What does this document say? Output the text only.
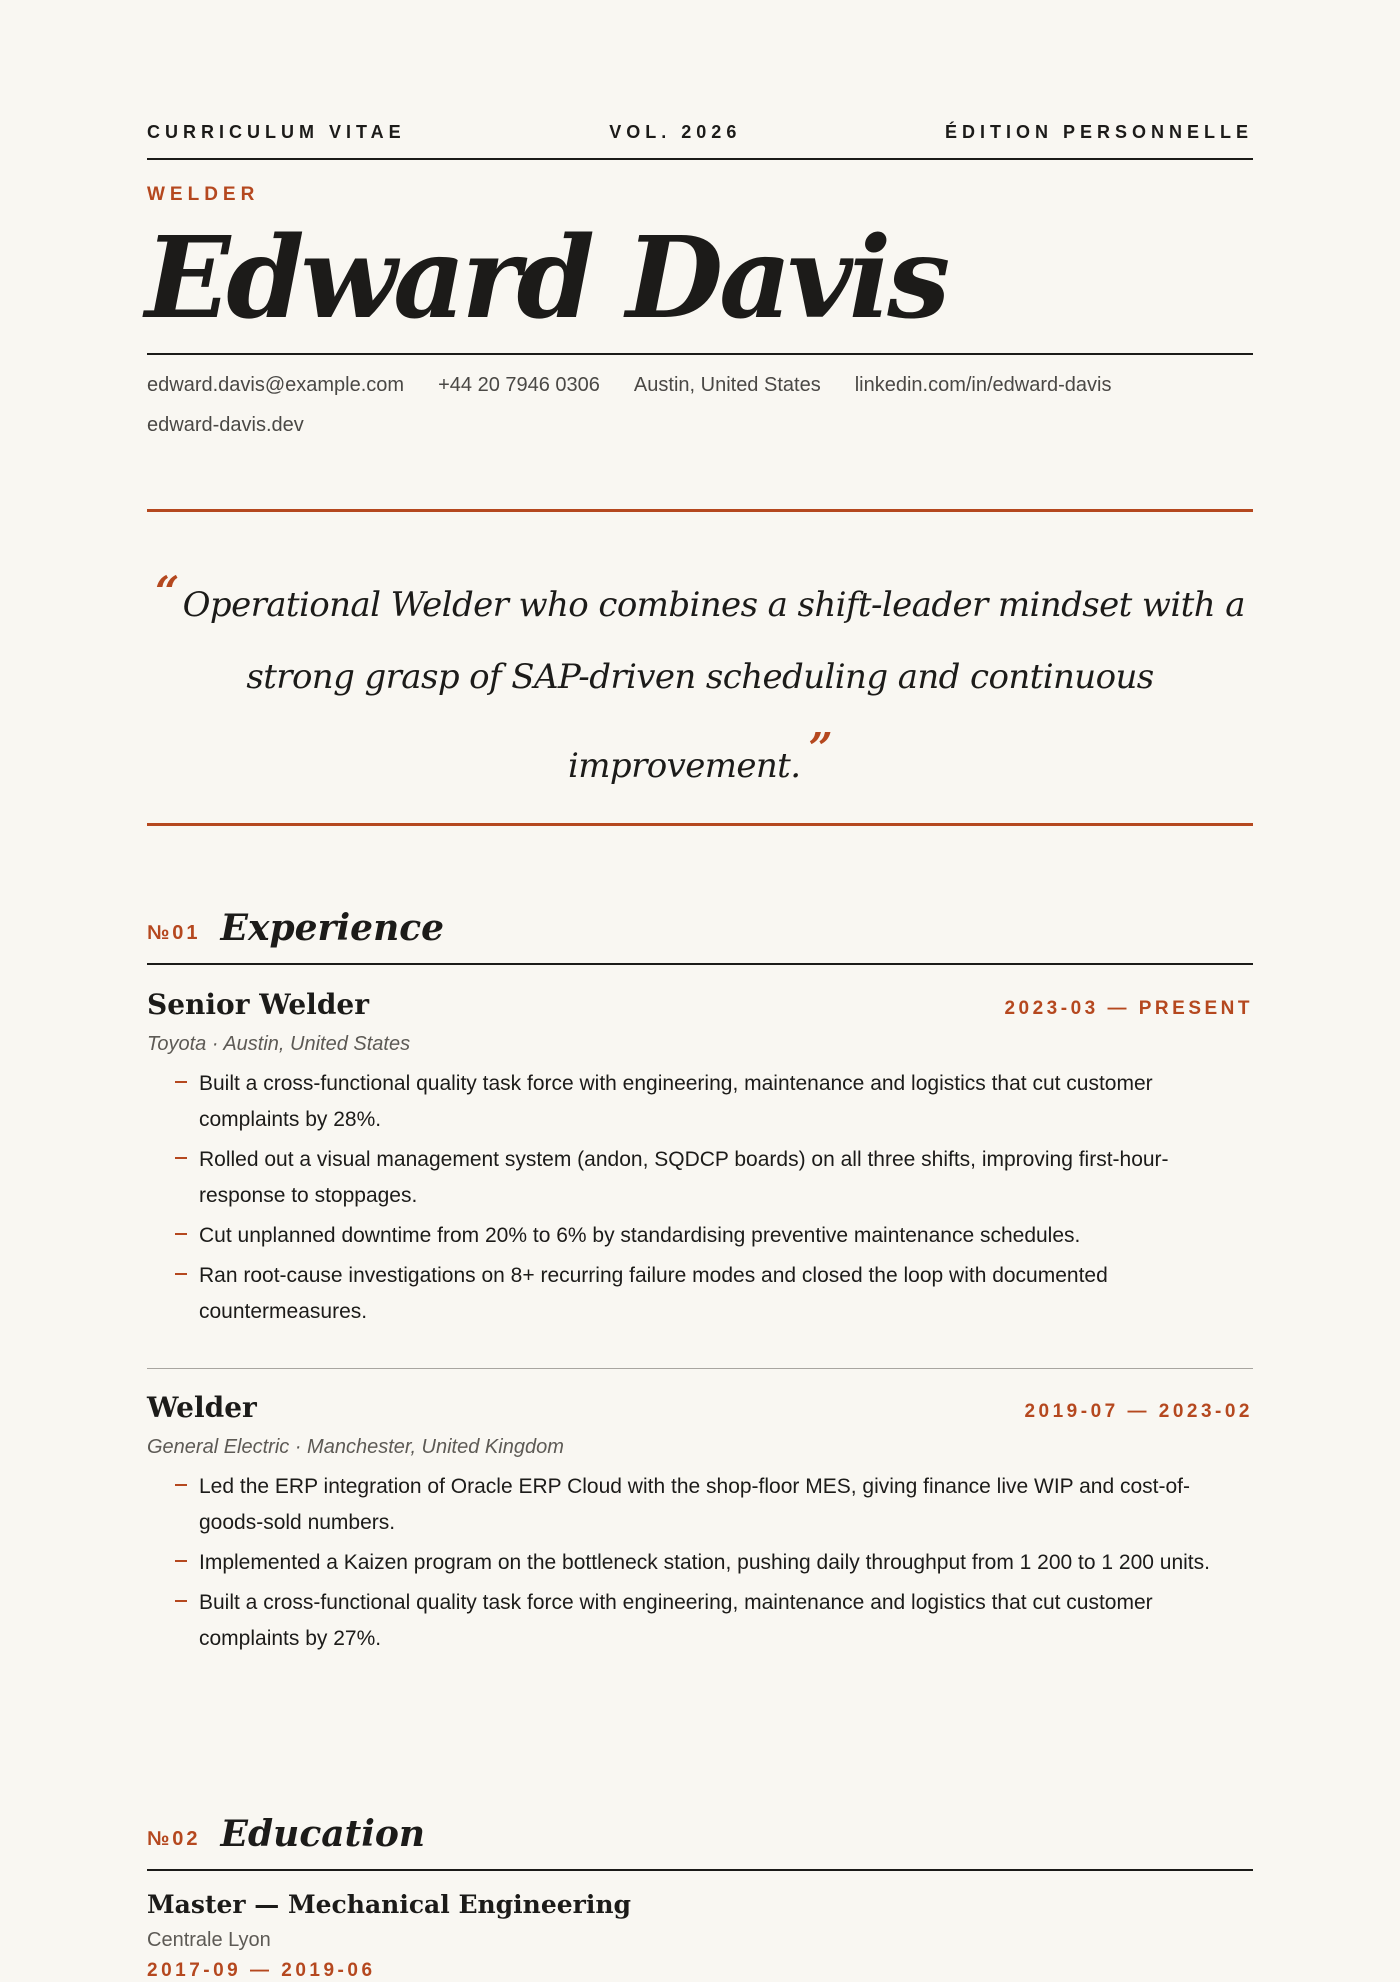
CURRICULUM VITAE	VOL. 2026	ÉDITION PERSONNELLE
WELDER
Edward Davis
edward.davis@example.com +44 20 7946 0306 Austin, United States linkedin.com/in/edward-davis
edward-davis.dev
“ Operational Welder who combines a shift-leader mindset with a strong grasp of SAP-driven scheduling and continuous improvement. ”
№01 Experience
Senior Welder	2023-03 — PRESENT
Toyota · Austin, United States
Built a cross-functional quality task force with engineering, maintenance and logistics that cut customer complaints by 28%.
Rolled out a visual management system (andon, SQDCP boards) on all three shifts, improving first-hour-response to stoppages.
Cut unplanned downtime from 20% to 6% by standardising preventive maintenance schedules.
Ran root-cause investigations on 8+ recurring failure modes and closed the loop with documented countermeasures.
Welder	2019-07 — 2023-02
General Electric · Manchester, United Kingdom
Led the ERP integration of Oracle ERP Cloud with the shop-floor MES, giving finance live WIP and cost-of-goods-sold numbers.
Implemented a Kaizen program on the bottleneck station, pushing daily throughput from 1 200 to 1 200 units.
Built a cross-functional quality task force with engineering, maintenance and logistics that cut customer complaints by 27%.
№02 Education
Master — Mechanical Engineering
Centrale Lyon
2017-09 — 2019-06
